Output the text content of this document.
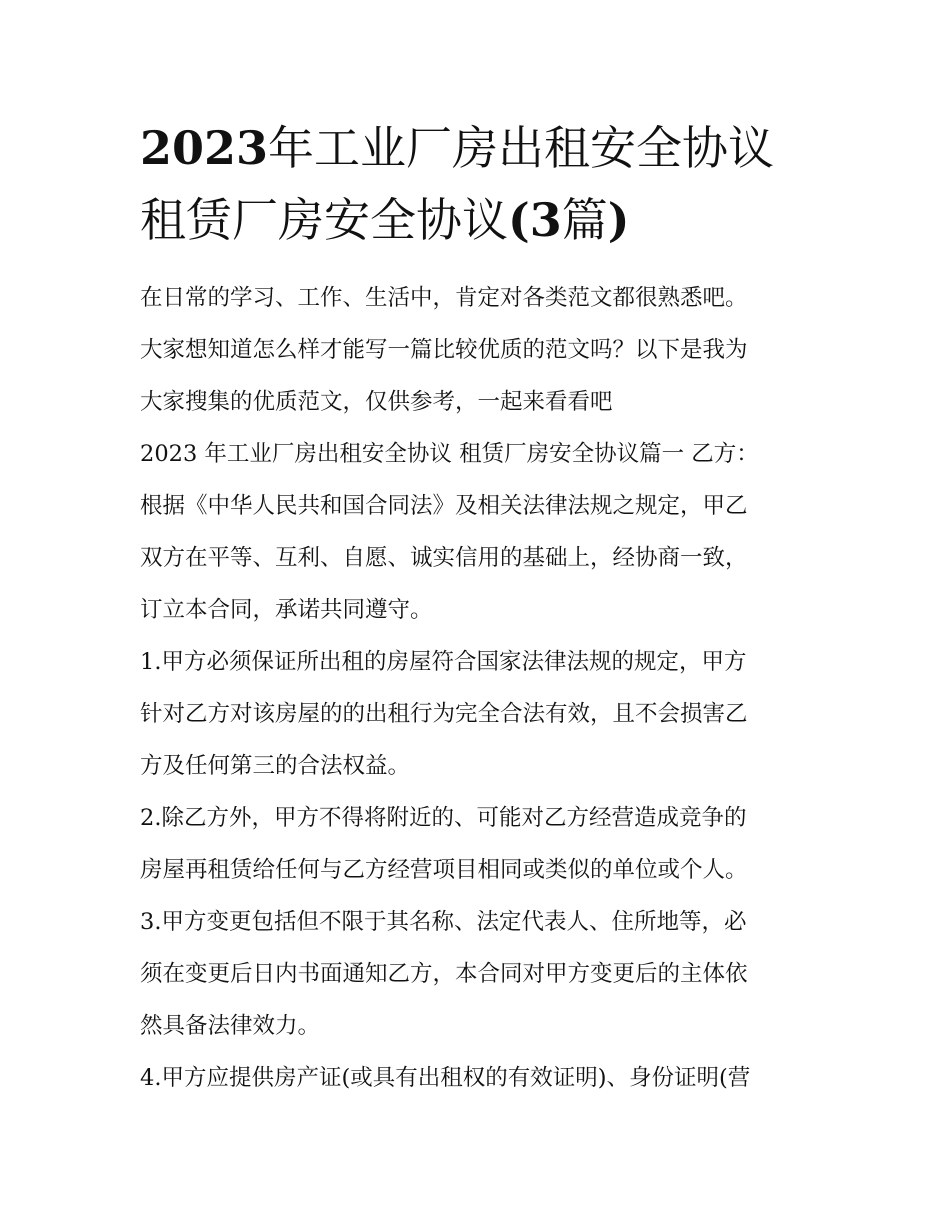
2023年工业厂房出租安全协议
租赁厂房安全协议(3篇)

在日常的学习、工作、生活中，肯定对各类范文都很熟悉吧。
大家想知道怎么样才能写一篇比较优质的范文吗？以下是我为
大家搜集的优质范文，仅供参考，一起来看看吧

2023 年工业厂房出租安全协议 租赁厂房安全协议篇一 乙方：
根据《中华人民共和国合同法》及相关法律法规之规定，甲乙
双方在平等、互利、自愿、诚实信用的基础上，经协商一致，
订立本合同，承诺共同遵守。

1.甲方必须保证所出租的房屋符合国家法律法规的规定，甲方
针对乙方对该房屋的的出租行为完全合法有效，且不会损害乙
方及任何第三的合法权益。

2.除乙方外，甲方不得将附近的、可能对乙方经营造成竞争的
房屋再租赁给任何与乙方经营项目相同或类似的单位或个人。

3.甲方变更包括但不限于其名称、法定代表人、住所地等，必
须在变更后日内书面通知乙方，本合同对甲方变更后的主体依
然具备法律效力。

4.甲方应提供房产证(或具有出租权的有效证明)、身份证明(营
